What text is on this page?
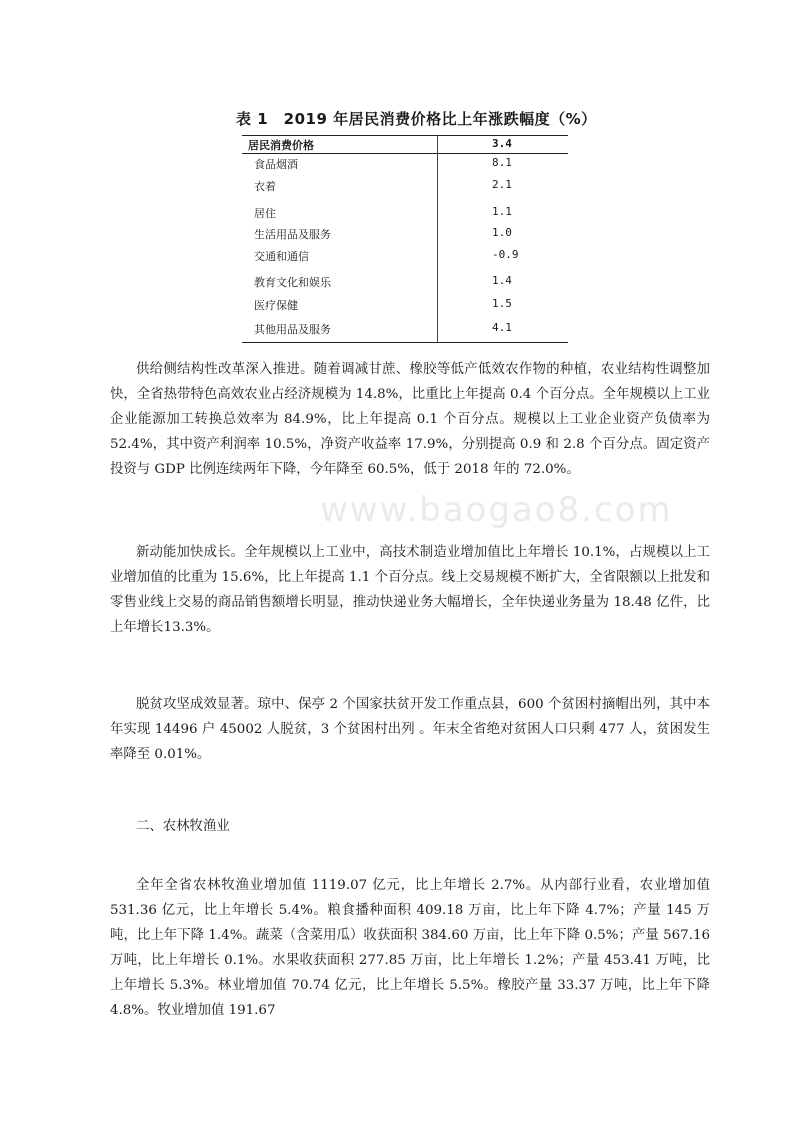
表 1　2019 年居民消费价格比上年涨跌幅度（%）
居民消费价格	3.4
食品烟酒	8.1
衣着	2.1
居住	1.1
生活用品及服务	1.0
交通和通信	-0.9
教育文化和娱乐	1.4
医疗保健	1.5
其他用品及服务	4.1
供给侧结构性改革深入推进。随着调减甘蔗、橡胶等低产低效农作物的种植，农业结构性调整加快，全省热带特色高效农业占经济规模为 14.8%，比重比上年提高 0.4 个百分点。全年规模以上工业企业能源加工转换总效率为 84.9%，比上年提高 0.1 个百分点。规模以上工业企业资产负债率为 52.4%，其中资产利润率 10.5%，净资产收益率 17.9%，分别提高 0.9 和 2.8 个百分点。固定资产投资与 GDP 比例连续两年下降，今年降至 60.5%，低于 2018 年的 72.0%。
www.baogao8.com
新动能加快成长。全年规模以上工业中，高技术制造业增加值比上年增长 10.1%，占规模以上工业增加值的比重为 15.6%，比上年提高 1.1 个百分点。线上交易规模不断扩大，全省限额以上批发和零售业线上交易的商品销售额增长明显，推动快递业务大幅增长，全年快递业务量为 18.48 亿件，比上年增长13.3%。
脱贫攻坚成效显著。琼中、保亭 2 个国家扶贫开发工作重点县，600 个贫困村摘帽出列，其中本年实现 14496 户 45002 人脱贫，3 个贫困村出列 。年末全省绝对贫困人口只剩 477 人，贫困发生率降至 0.01%。
二、农林牧渔业
全年全省农林牧渔业增加值 1119.07 亿元，比上年增长 2.7%。从内部行业看，农业增加值 531.36 亿元，比上年增长 5.4%。粮食播种面积 409.18 万亩，比上年下降 4.7%；产量 145 万吨，比上年下降 1.4%。蔬菜（含菜用瓜）收获面积 384.60 万亩，比上年下降 0.5%；产量 567.16 万吨，比上年增长 0.1%。水果收获面积 277.85 万亩，比上年增长 1.2%；产量 453.41 万吨，比上年增长 5.3%。林业增加值 70.74 亿元，比上年增长 5.5%。橡胶产量 33.37 万吨，比上年下降 4.8%。牧业增加值 191.67
